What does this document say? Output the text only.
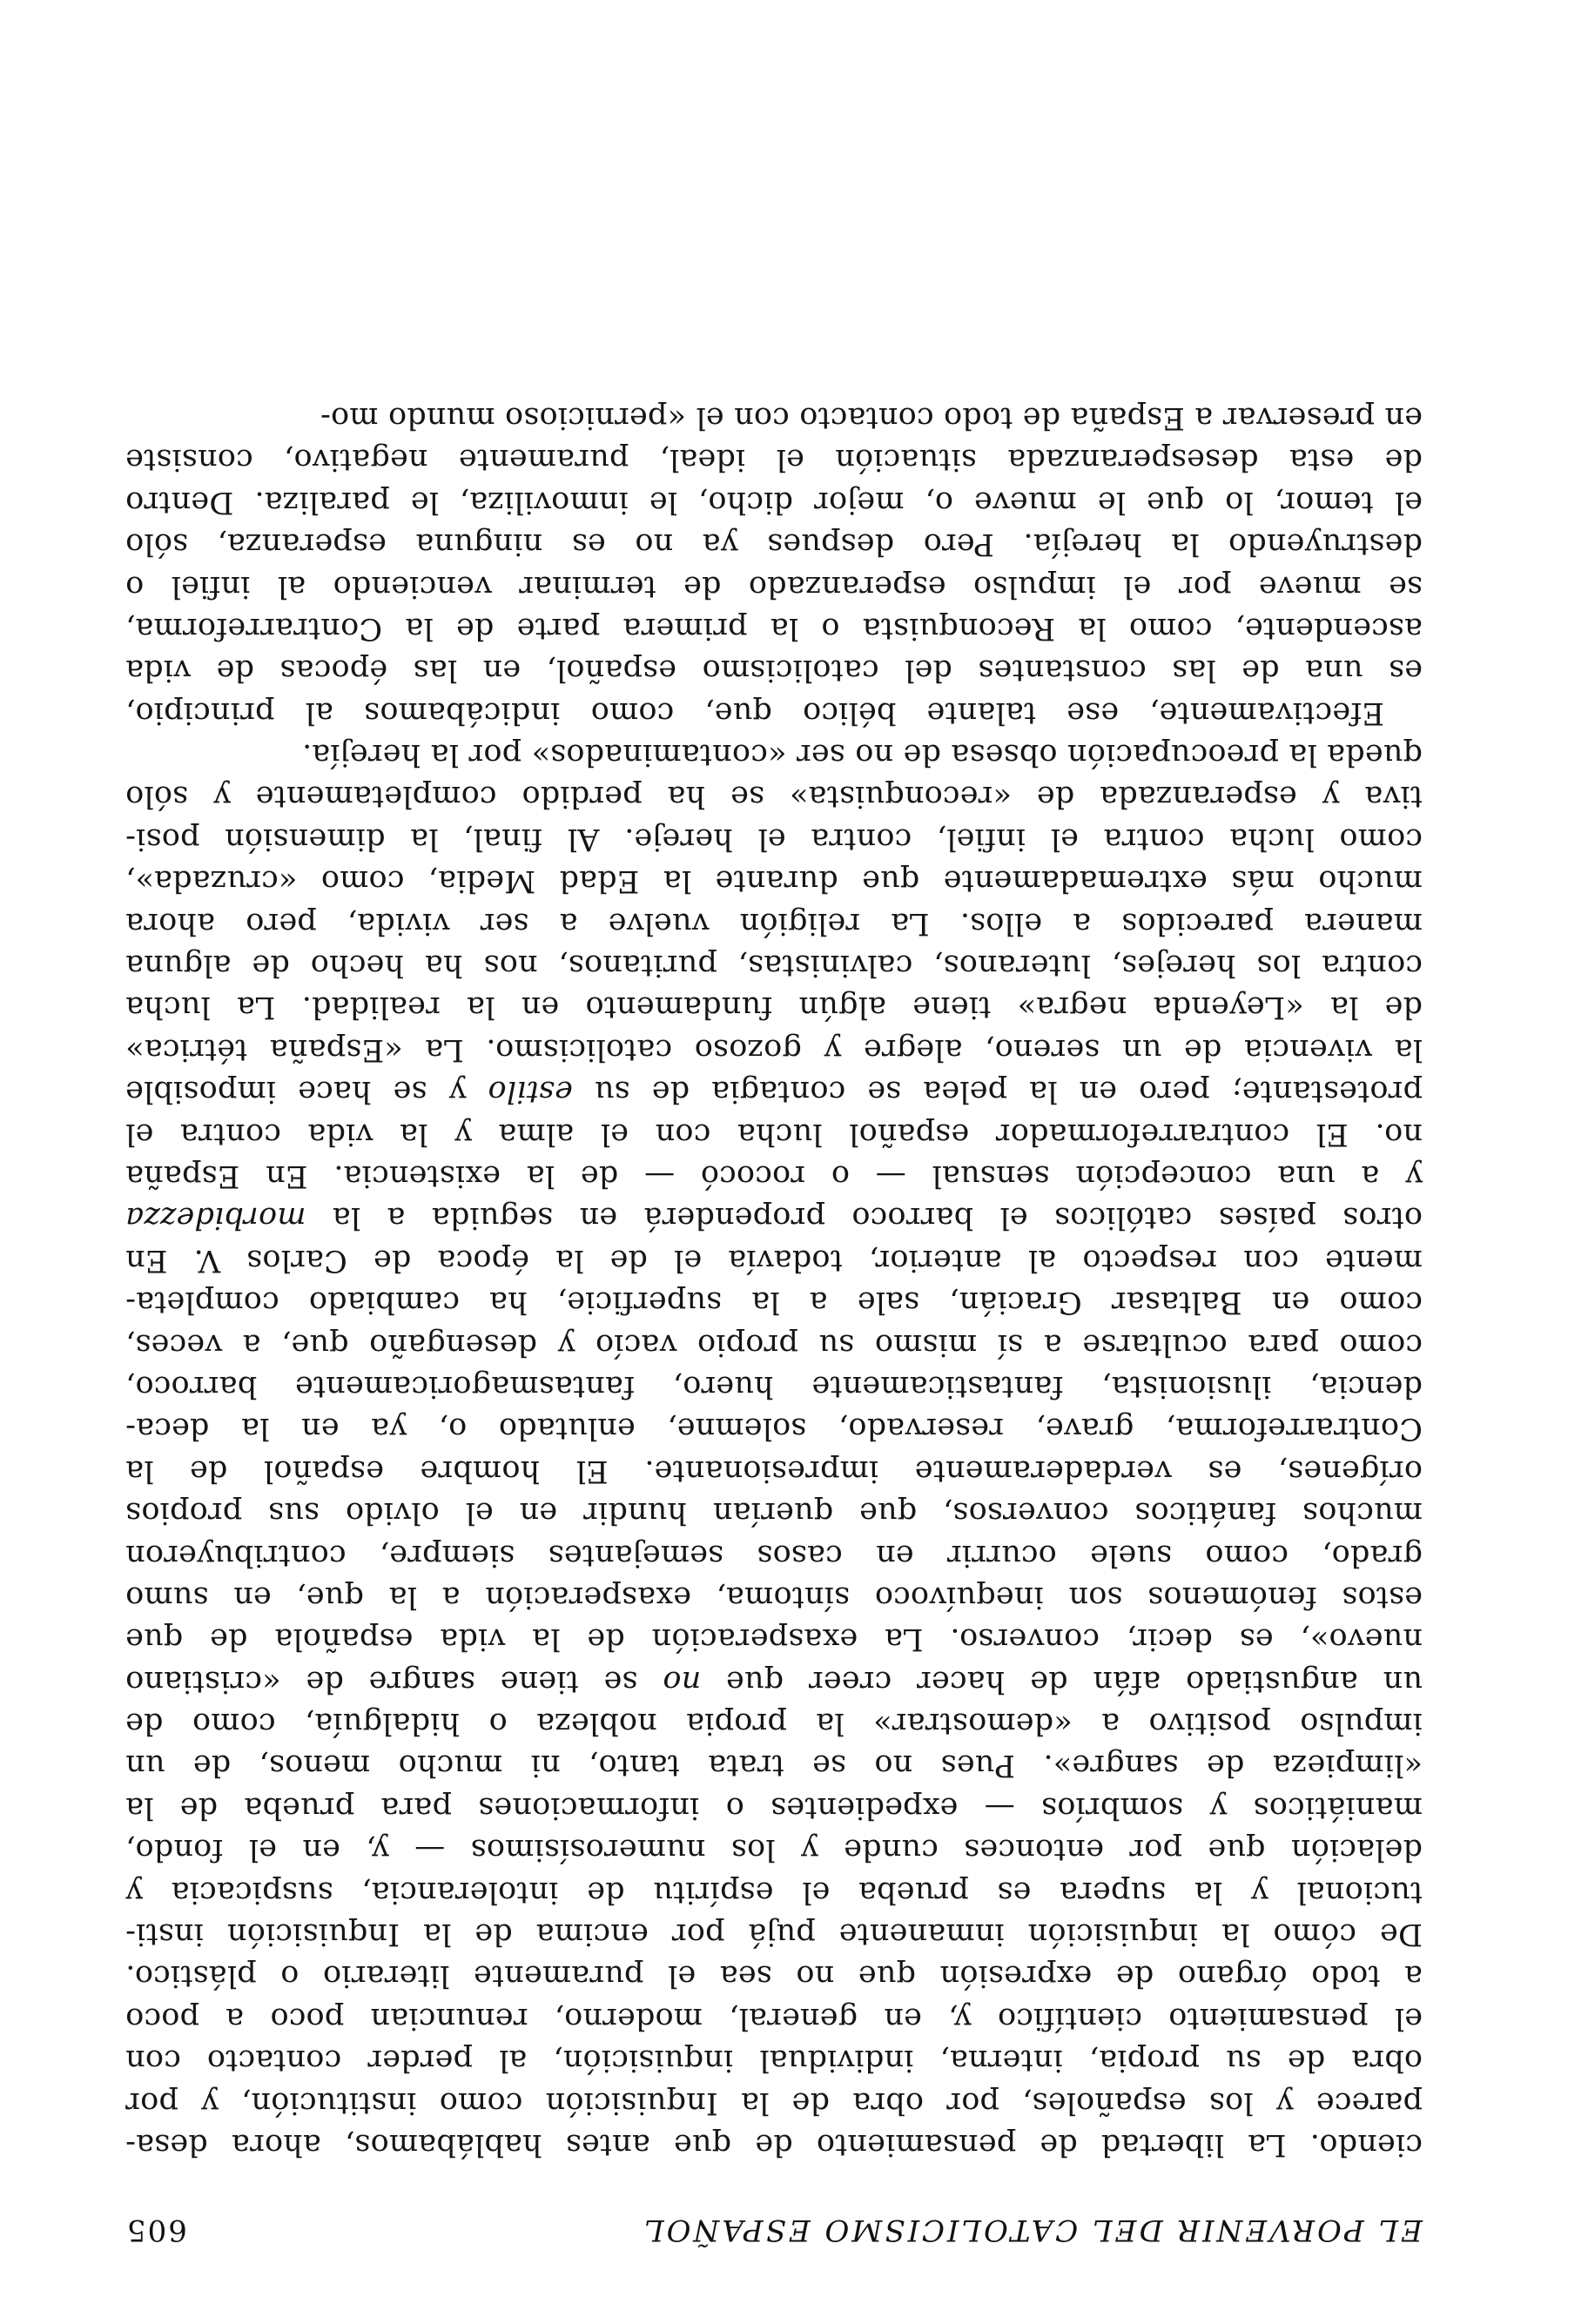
EL PORVENIR DEL CATOLICISMO ESPAÑOL
605
ciendo. La libertad de pensamiento de que antes hablábamos, ahora desa-
parece y los españoles, por obra de la Inquisición como institución, y por
obra de su propia, interna, individual inquisición, al perder contacto con
el pensamiento científico y, en general, moderno, renuncian poco a poco
a todo órgano de expresión que no sea el puramente literario o plástico.
De cómo la inquisición inmanente pujá por encima de la Inquisición insti-
tucional y la supera es prueba el espíritu de intolerancia, suspicacia y
delación que por entonces cunde y los numerosísimos — y, en el fondo,
maniáticos y sombríos — expedientes o informaciones para prueba de la
«limpieza de sangre». Pues no se trata tanto, ni mucho menos, de un
impulso positivo a «demostrar» la propia nobleza o hidalguía, como de
un angustiado afán de hacer creer que no se tiene sangre de «cristiano
nuevo», es decir, converso. La exasperación de la vida española de que
estos fenómenos son inequívoco síntoma, exasperación a la que, en sumo
grado, como suele ocurrir en casos semejantes siempre, contribuyeron
muchos fanáticos conversos, que querían hundir en el olvido sus propios
orígenes, es verdaderamente impresionante. El hombre español de la
Contrarreforma, grave, reservado, solemne, enlutado o, ya en la deca-
dencia, ilusionista, fantasticamente huero, fantasmagoricamente barroco,
como para ocultarse a sí mismo su propio vacío y desengaño que, a veces,
como en Baltasar Gracián, sale a la superficie, ha cambiado completa-
mente con respecto al anterior, todavía el de la época de Carlos V. En
otros países católicos el barroco propenderá en seguida a la morbidezza
y a una concepción sensual — o rococó — de la existencia. En España
no. El contrarreformador español lucha con el alma y la vida contra el
protestante; pero en la pelea se contagia de su estilo y se hace imposible
la vivencia de un sereno, alegre y gozoso catolicismo. La «España tétrica»
de la «Leyenda negra» tiene algún fundamento en la realidad. La lucha
contra los herejes, luteranos, calvinistas, puritanos, nos ha hecho de alguna
manera parecidos a ellos. La religión vuelve a ser vivida, pero ahora
mucho más extremadamente que durante la Edad Media, como «cruzada»,
como lucha contra el infiel, contra el hereje. Al final, la dimensión posi-
tiva y esperanzada de «reconquista» se ha perdido completamente y sólo
queda la preocupación obsesa de no ser «contaminados» por la herejía.
Efectivamente, ese talante bélico que, como indicábamos al principio,
es una de las constantes del catolicismo español, en las épocas de vida
ascendente, como la Reconquista o la primera parte de la Contrarreforma,
se mueve por el impulso esperanzado de terminar venciendo al infiel o
destruyendo la herejía. Pero despues ya no es ninguna esperanza, sólo
el temor, lo que le mueve o, mejor dicho, le inmoviliza, le paraliza. Dentro
de esta desesperanzada situación el ideal, puramente negativo, consiste
en preservar a España de todo contacto con el «pernicioso mundo mo-
